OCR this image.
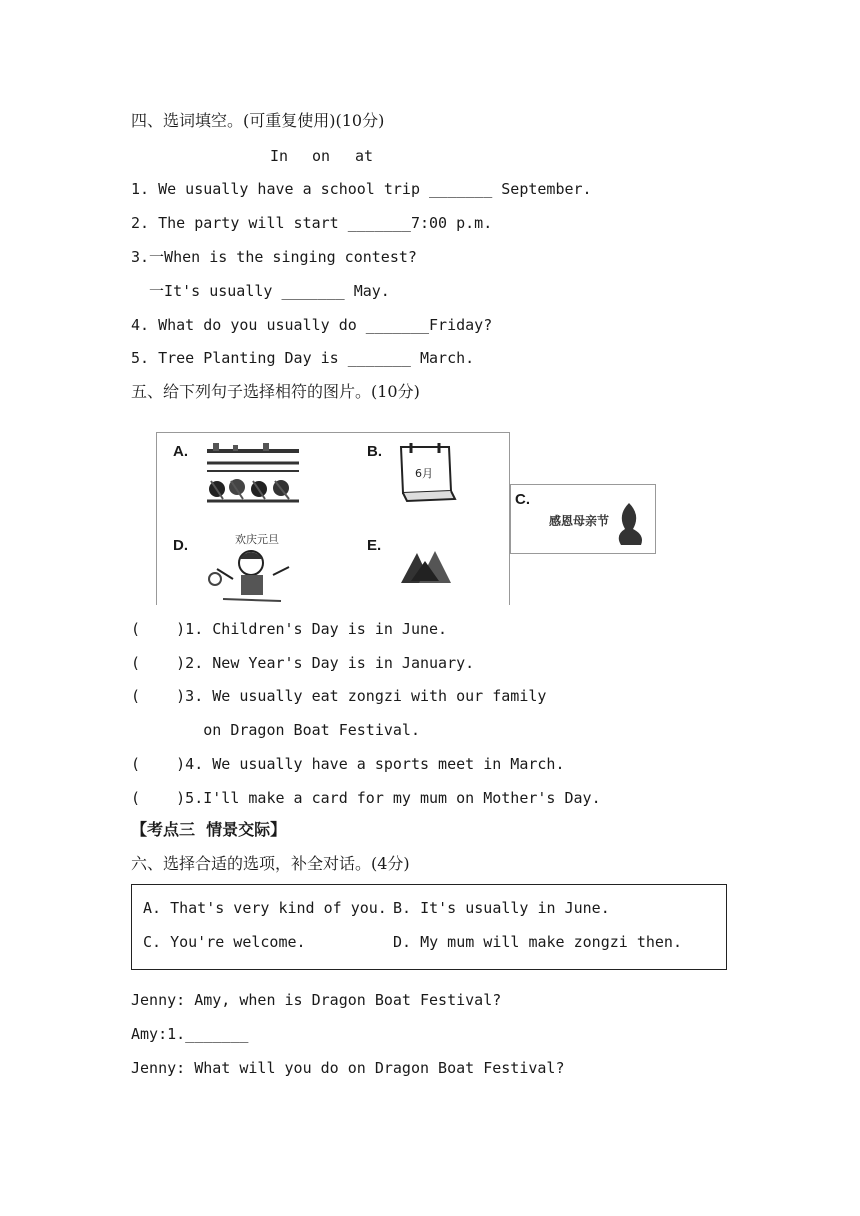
四、选词填空。(可重复使用)(10分)
In on at
1. We usually have a school trip _______ September.
2. The party will start _______7:00 p.m.
3.一When is the singing contest?
一It's usually _______ May.
4. What do you usually do _______Friday?
5. Tree Planting Day is _______ March.
五、给下列句子选择相符的图片。(10分)
A.	B.
6月
D.	欢庆元旦	E.
C.
感恩母亲节
(    )1. Children's Day is in June.
(    )2. New Year's Day is in January.
(    )3. We usually eat zongzi with our family
on Dragon Boat Festival.
(    )4. We usually have a sports meet in March.
(    )5.I'll make a card for my mum on Mother's Day.
【考点三  情景交际】
六、选择合适的选项，补全对话。(4分)
A. That's very kind of you. B. It's usually in June.
C. You're welcome.	D. My mum will make zongzi then.
Jenny: Amy, when is Dragon Boat Festival?
Amy:1._______
Jenny: What will you do on Dragon Boat Festival?
